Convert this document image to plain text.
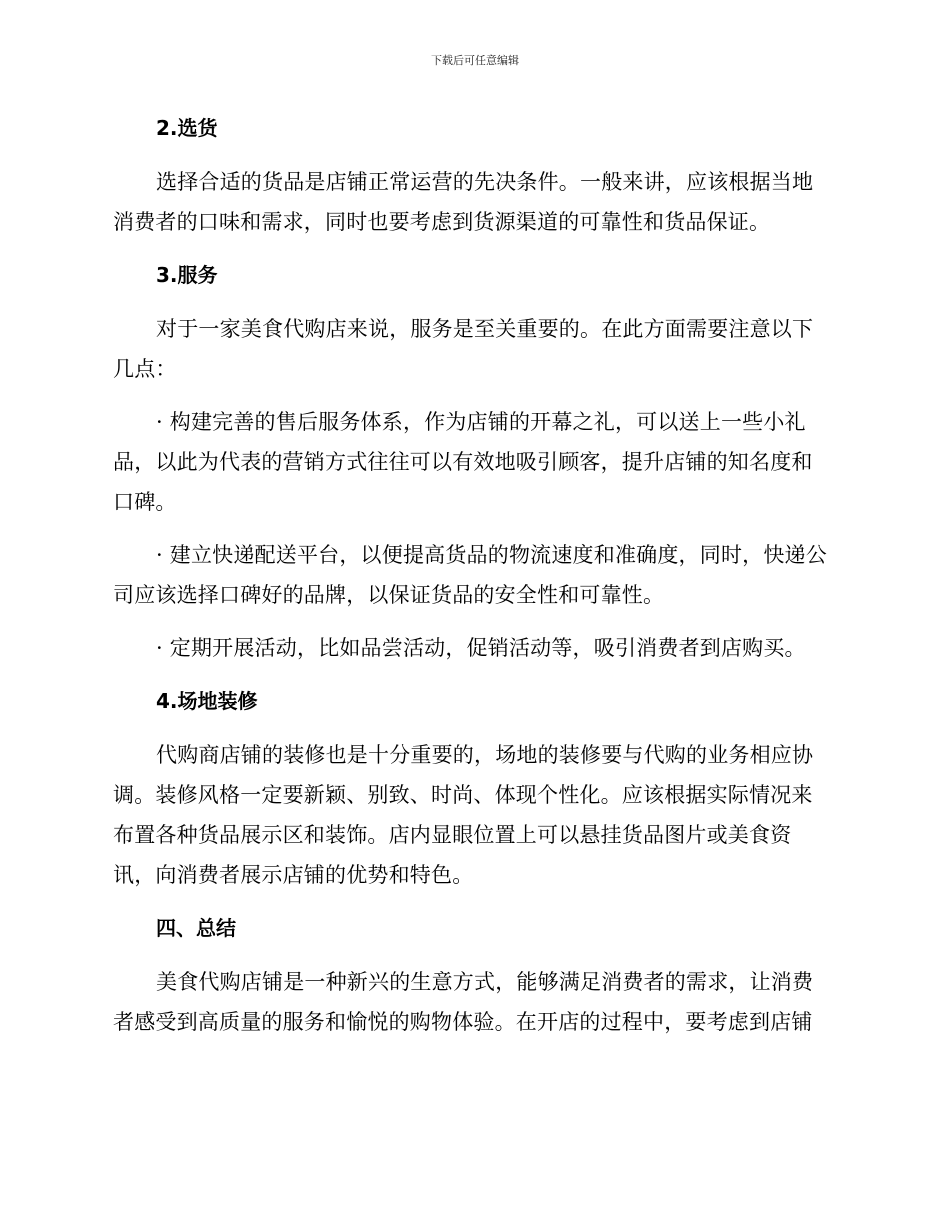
下载后可任意编辑
2.选货

选择合适的货品是店铺正常运营的先决条件。一般来讲，应该根据当地消费者的口味和需求，同时也要考虑到货源渠道的可靠性和货品保证。

3.服务

对于一家美食代购店来说，服务是至关重要的。在此方面需要注意以下几点：

· 构建完善的售后服务体系，作为店铺的开幕之礼，可以送上一些小礼品，以此为代表的营销方式往往可以有效地吸引顾客，提升店铺的知名度和口碑。

· 建立快递配送平台，以便提高货品的物流速度和准确度，同时，快递公司应该选择口碑好的品牌，以保证货品的安全性和可靠性。

· 定期开展活动，比如品尝活动，促销活动等，吸引消费者到店购买。

4.场地装修

代购商店铺的装修也是十分重要的，场地的装修要与代购的业务相应协调。装修风格一定要新颖、别致、时尚、体现个性化。应该根据实际情况来布置各种货品展示区和装饰。店内显眼位置上可以悬挂货品图片或美食资讯，向消费者展示店铺的优势和特色。

四、总结

美食代购店铺是一种新兴的生意方式，能够满足消费者的需求，让消费者感受到高质量的服务和愉悦的购物体验。在开店的过程中，要考虑到店铺
